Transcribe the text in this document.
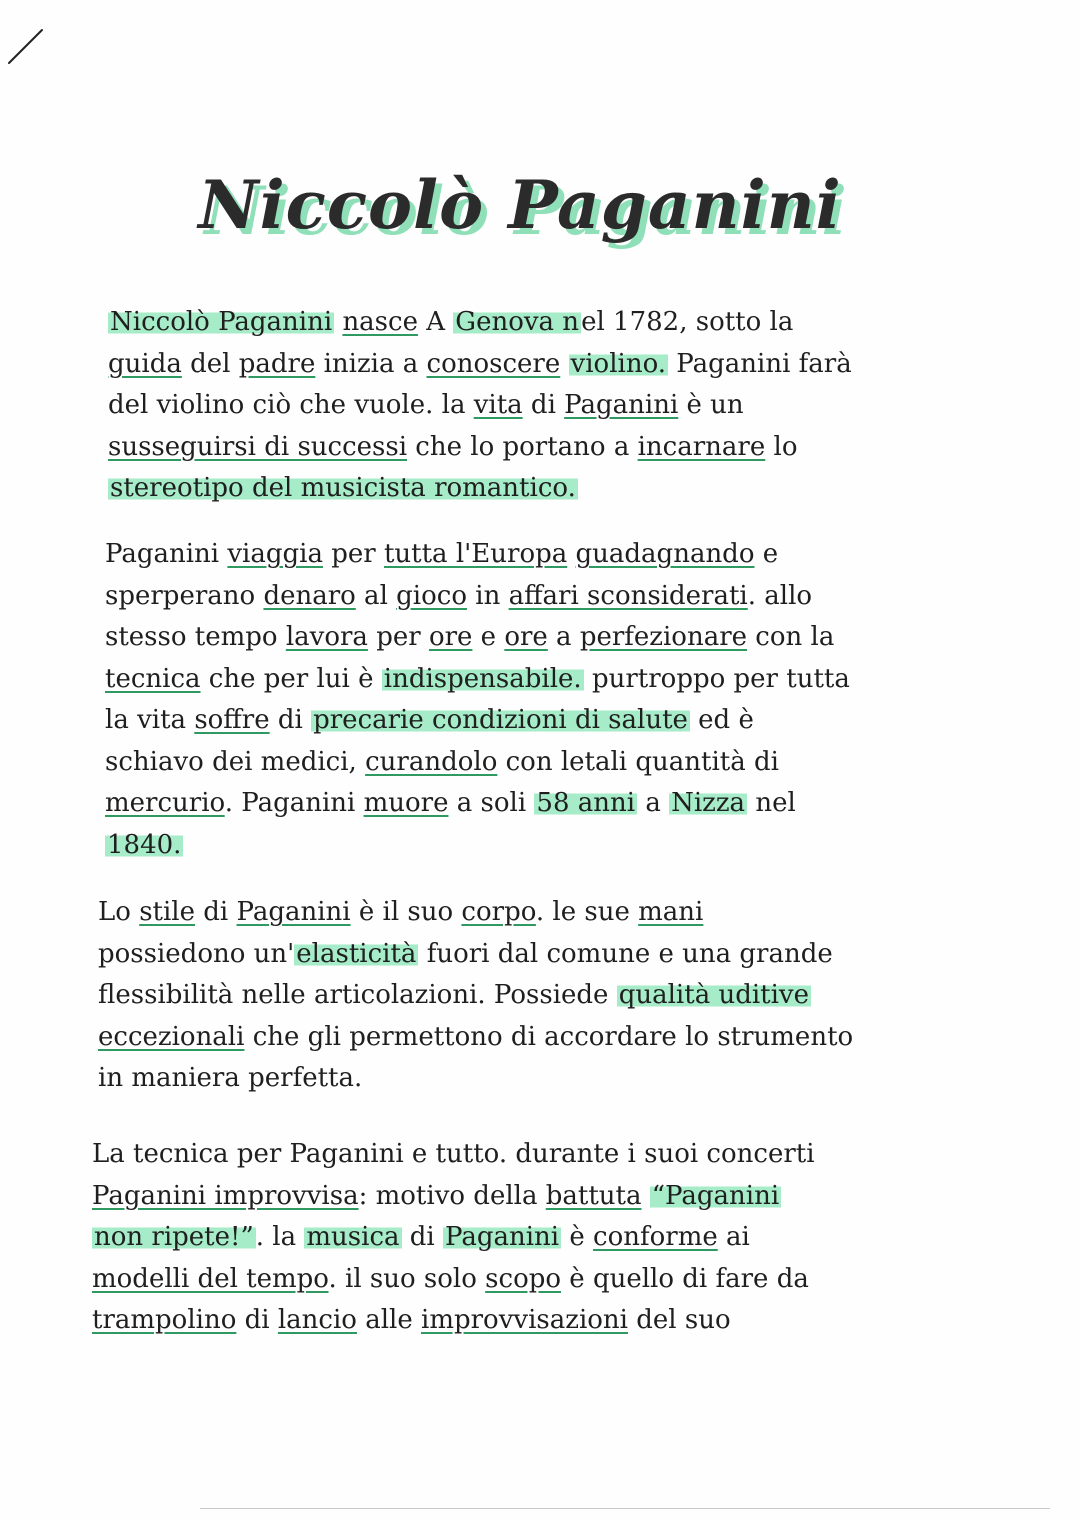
Niccolò Paganini
Niccolò Paganini nasce A Genova nel 1782, sotto la
guida del padre inizia a conoscere violino. Paganini farà
del violino ciò che vuole. la vita di Paganini è un
susseguirsi di successi che lo portano a incarnare lo
stereotipo del musicista romantico.
Paganini viaggia per tutta l'Europa guadagnando e
sperperano denaro al gioco in affari sconsiderati. allo
stesso tempo lavora per ore e ore a perfezionare con la
tecnica che per lui è indispensabile. purtroppo per tutta
la vita soffre di precarie condizioni di salute ed è
schiavo dei medici, curandolo con letali quantità di
mercurio. Paganini muore a soli 58 anni a Nizza nel
1840.
Lo stile di Paganini è il suo corpo. le sue mani
possiedono un'elasticità fuori dal comune e una grande
flessibilità nelle articolazioni. Possiede qualità uditive
eccezionali che gli permettono di accordare lo strumento
in maniera perfetta.
La tecnica per Paganini e tutto. durante i suoi concerti
Paganini improvvisa: motivo della battuta “Paganini
non ripete!”. la musica di Paganini è conforme ai
modelli del tempo. il suo solo scopo è quello di fare da
trampolino di lancio alle improvvisazioni del suo
